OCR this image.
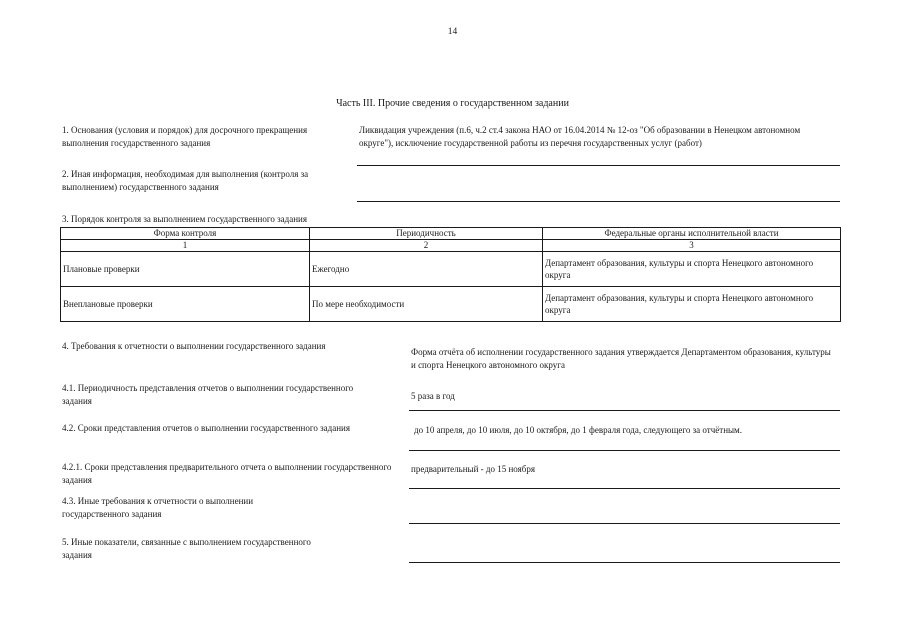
14
Часть III. Прочие сведения о государственном задании
1. Основания (условия и порядок) для досрочного прекращения выполнения государственного задания
Ликвидация учреждения (п.6, ч.2 ст.4 закона НАО от 16.04.2014 № 12-оз "Об образовании в Ненецком автономном округе"), исключение государственной работы из перечня государственных услуг (работ)
2. Иная информация, необходимая для выполнения (контроля за выполнением) государственного задания
3. Порядок контроля за выполнением государственного задания
Форма контроля	Периодичность	Федеральные органы исполнительной власти
1	2	3
Плановые проверки	Ежегодно	Департамент образования, культуры и спорта Ненецкого автономного округа
Внеплановые проверки	По мере необходимости	Департамент образования, культуры и спорта Ненецкого автономного округа
4. Требования к отчетности о выполнении государственного задания
Форма отчёта об исполнении государственного задания утверждается Департаментом образования, культуры и спорта Ненецкого автономного округа
4.1. Периодичность представления отчетов о выполнении государственного задания	5 раза в год
4.2. Сроки представления отчетов о выполнении государственного задания	до 10 апреля, до 10 июля, до 10 октября, до 1 февраля года, следующего за отчётным.
4.2.1. Сроки представления предварительного отчета о выполнении государственного задания
предварительный - до 15 ноября
4.3. Иные требования к отчетности о выполнении государственного задания
5. Иные показатели, связанные с выполнением государственного задания
